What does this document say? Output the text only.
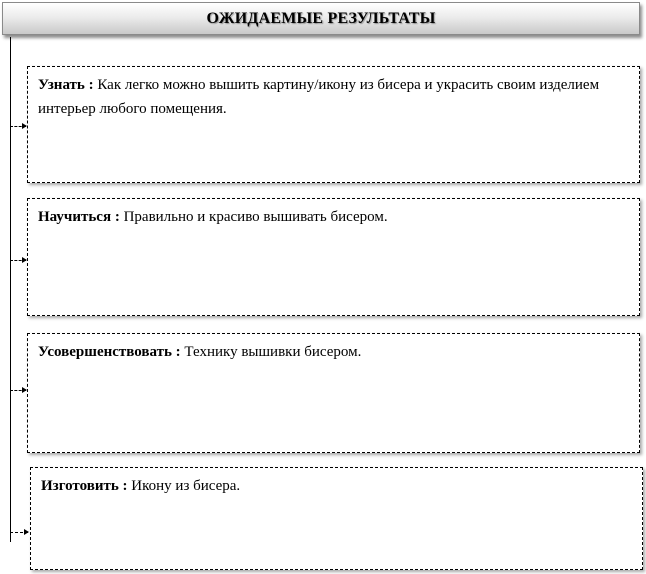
ОЖИДАЕМЫЕ РЕЗУЛЬТАТЫ
Узнать : Как легко можно вышить картину/икону из бисера и украсить своим изделием интерьер любого помещения.
Научиться : Правильно и красиво вышивать бисером.
Усовершенствовать : Технику вышивки бисером.
Изготовить : Икону из бисера.
